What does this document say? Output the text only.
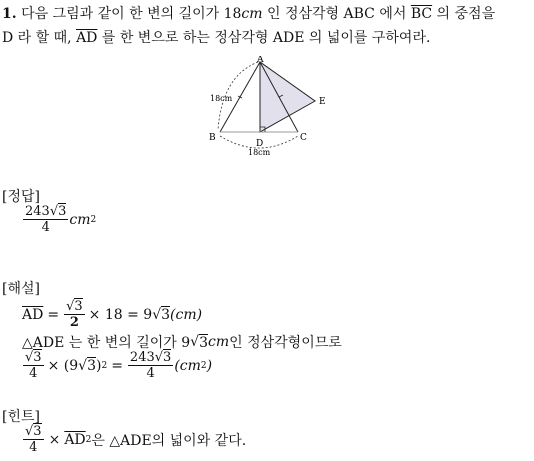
1. 다음 그림과 같이 한 변의 길이가 18cm 인 정삼각형 ABC 에서 $\overline{BC}$ 의 중점을
D 라 할 때, $\overline{AD}$ 를 한 변으로 하는 정삼각형 ADE 의 넓이를 구하여라.
A
B	C
D
E
18cm
18cm
[정답]
$\frac{243√3}{4}$ cm 2
[해설]
$\overline{AD} = \frac{√3}{2} \times 18 = 9$ √ 3 (cm)
△ADE 는 한 변의 길이가 9 √ 3 cm 인 정삼각형이므로
$\frac{√3}{4} \times (9$ √ 3 ) $2 = \frac{243√3}{4} (cm$ 2 )
[힌트]
$\frac{√3}{4} \times \overline{AD}$ 2 은 △ADE의 넓이와 같다.
